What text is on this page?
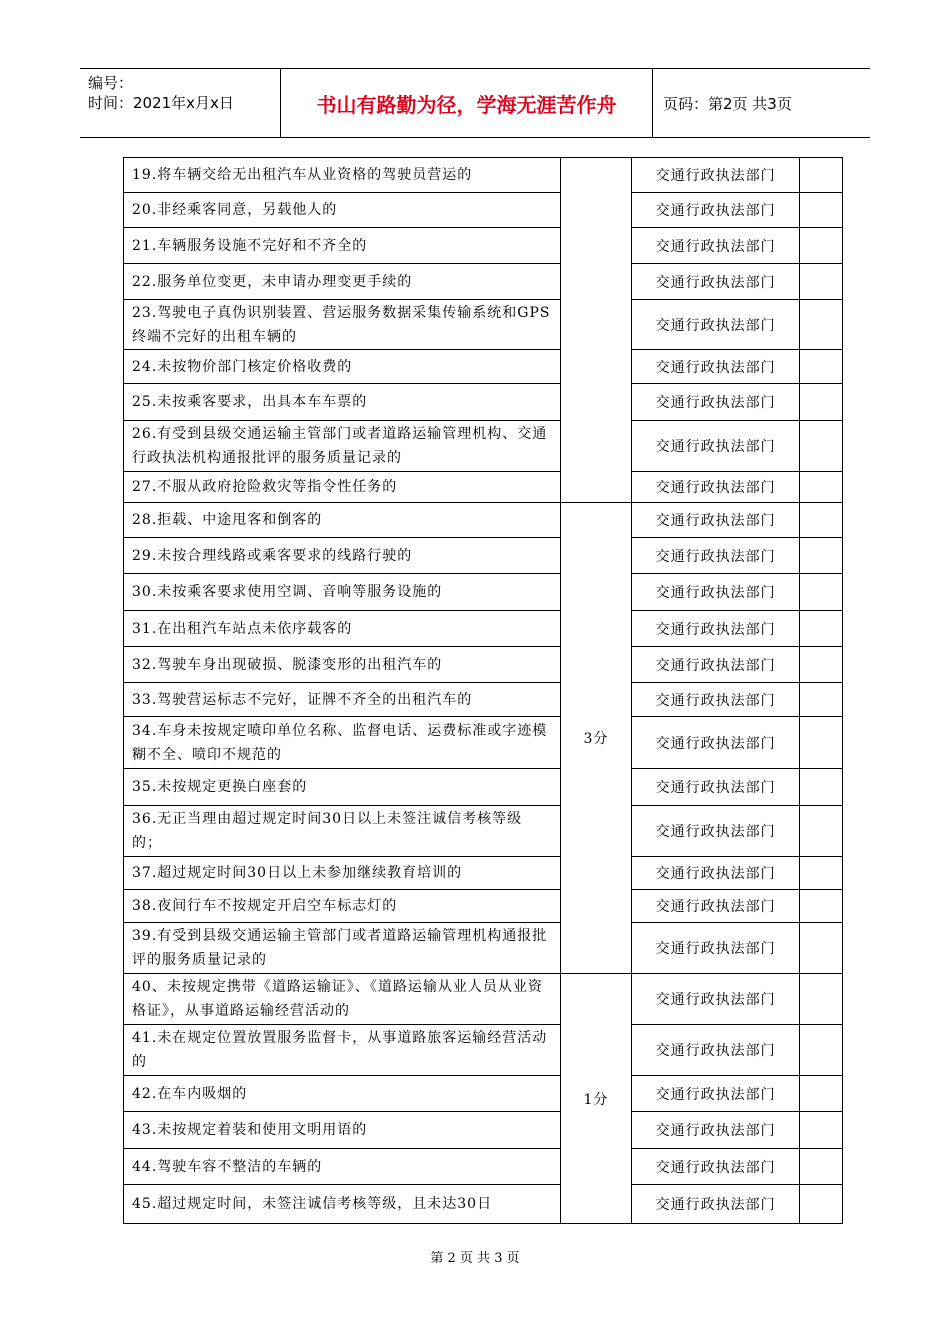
编号：
时间：2021年x月x日	书山有路勤为径，学海无涯苦作舟	页码：第2页 共3页
19.将车辆交给无出租汽车从业资格的驾驶员营运的		交通行政执法部门	
20.非经乘客同意，另载他人的		交通行政执法部门	
21.车辆服务设施不完好和不齐全的		交通行政执法部门	
22.服务单位变更，未申请办理变更手续的		交通行政执法部门	
23.驾驶电子真伪识别装置、营运服务数据采集传输系统和GPS终端不完好的出租车辆的		交通行政执法部门	
24.未按物价部门核定价格收费的		交通行政执法部门	
25.未按乘客要求，出具本车车票的		交通行政执法部门	
26.有受到县级交通运输主管部门或者道路运输管理机构、交通行政执法机构通报批评的服务质量记录的		交通行政执法部门	
27.不服从政府抢险救灾等指令性任务的		交通行政执法部门	
28.拒载、中途甩客和倒客的	3分	交通行政执法部门	
29.未按合理线路或乘客要求的线路行驶的		交通行政执法部门	
30.未按乘客要求使用空调、音响等服务设施的		交通行政执法部门	
31.在出租汽车站点未依序载客的		交通行政执法部门	
32.驾驶车身出现破损、脱漆变形的出租汽车的		交通行政执法部门	
33.驾驶营运标志不完好，证牌不齐全的出租汽车的		交通行政执法部门	
34.车身未按规定喷印单位名称、监督电话、运费标准或字迹模糊不全、喷印不规范的		交通行政执法部门	
35.未按规定更换白座套的		交通行政执法部门	
36.无正当理由超过规定时间30日以上未签注诚信考核等级的；		交通行政执法部门	
37.超过规定时间30日以上未参加继续教育培训的		交通行政执法部门	
38.夜间行车不按规定开启空车标志灯的		交通行政执法部门	
39.有受到县级交通运输主管部门或者道路运输管理机构通报批评的服务质量记录的		交通行政执法部门	
40、未按规定携带《道路运输证》、《道路运输从业人员从业资格证》，从事道路运输经营活动的	1分	交通行政执法部门	
41.未在规定位置放置服务监督卡，从事道路旅客运输经营活动的		交通行政执法部门	
42.在车内吸烟的		交通行政执法部门	
43.未按规定着装和使用文明用语的		交通行政执法部门	
44.驾驶车容不整洁的车辆的		交通行政执法部门	
45.超过规定时间，未签注诚信考核等级，且未达30日		交通行政执法部门	
第 2 页 共 3 页
